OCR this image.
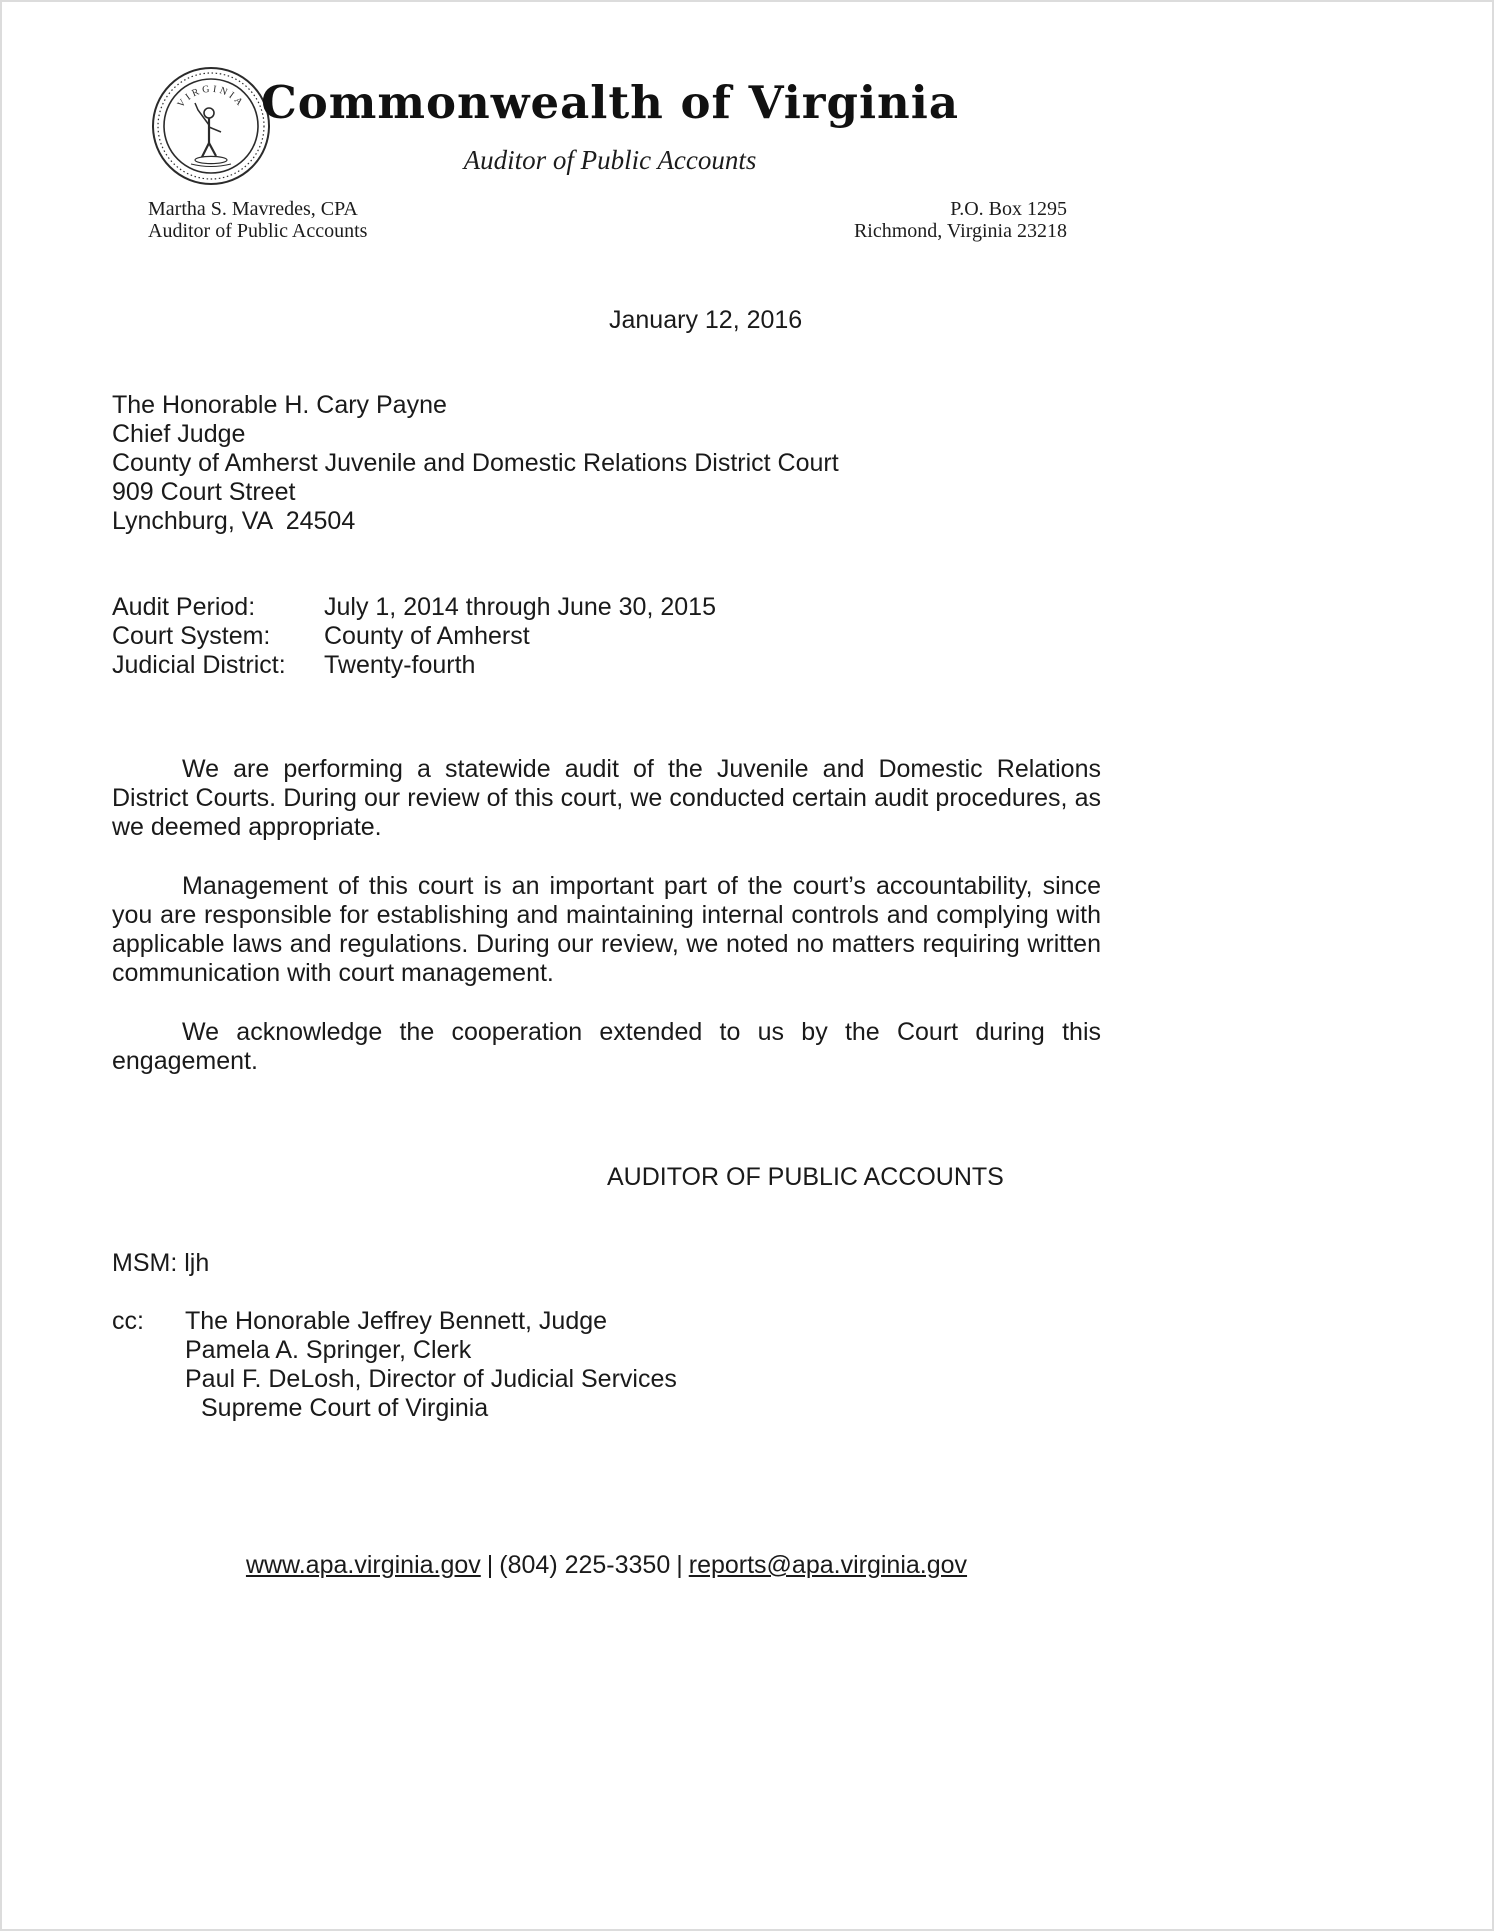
VIRGINIA Commonwealth of Virginia
Auditor of Public Accounts
Martha S. Mavredes, CPA
Auditor of Public Accounts
P.O. Box 1295
Richmond, Virginia 23218
January 12, 2016
The Honorable H. Cary Payne
Chief Judge
County of Amherst Juvenile and Domestic Relations District Court
909 Court Street
Lynchburg, VA  24504
Audit Period:	July 1, 2014 through June 30, 2015
Court System:	County of Amherst
Judicial District:	Twenty-fourth

We are performing a statewide audit of the Juvenile and Domestic Relations District Courts. During our review of this court, we conducted certain audit procedures, as we deemed appropriate.

Management of this court is an important part of the court’s accountability, since you are responsible for establishing and maintaining internal controls and complying with applicable laws and regulations. During our review, we noted no matters requiring written communication with court management.

We acknowledge the cooperation extended to us by the Court during this engagement.

AUDITOR OF PUBLIC ACCOUNTS
MSM: ljh
cc:	The Honorable Jeffrey Bennett, Judge
Pamela A. Springer, Clerk
Paul F. DeLosh, Director of Judicial Services
Supreme Court of Virginia
www.apa.virginia.gov | (804) 225-3350 | reports@apa.virginia.gov
